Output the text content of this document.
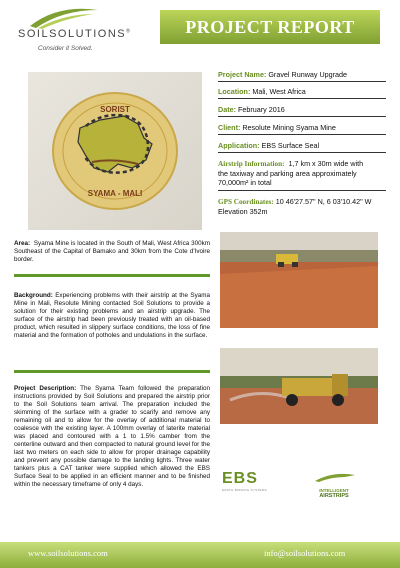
SOILSOLUTIONS®
Consider it Solved.
PROJECT REPORT
SORIST
SYAMA - MALI
Project Name: Gravel Runway Upgrade
Location: Mali, West Africa
Date: February 2016
Client: Resolute Mining Syama Mine
Application: EBS Surface Seal
Airstrip Information: 1,7 km x 30m wide with
the taxiway and parking area approximately
70,000m² in total
GPS Coordinates: 10 46'27.57" N, 6 03'10.42" W
Elevation 352m
Area: Syama Mine is located in the South of Mali, West Africa 300km Southeast of the Capital of Bamako and 30km from the Cote d'Ivoire border.
Background: Experiencing problems with their airstrip at the Syama Mine in Mali, Resolute Mining contacted Soil Solutions to provide a solution for their existing problems and an airstrip upgrade. The surface of the airstrip had been previously treated with an oil-based product, which resulted in slippery surface conditions, the loss of fine material and the formation of potholes and undulations in the surface.
Project Description: The Syama Team followed the preparation instructions provided by Soil Solutions and prepared the airstrip prior to the Soil Solutions team arrival. The preparation included the skimming of the surface with a grader to scarify and remove any remaining oil and to allow for the overlay of additional material to coalesce with the existing layer. A 100mm overlay of laterite material was placed and contoured with a 1 to 1.5% camber from the centerline outward and then compacted to natural ground level for the last two meters on each side to allow for proper drainage capability and prevent any possible damage to the landing lights. Three water tankers plus a CAT tanker were supplied which allowed the EBS Surface Seal to be applied in an efficient manner and to be finished within the necessary timeframe of only 4 days.	EBS
EARTH BINDING SYSTEMS	INTELLIGENT
AIRSTRIPS
www.soilsolutions.com	info@soilsolutions.com
